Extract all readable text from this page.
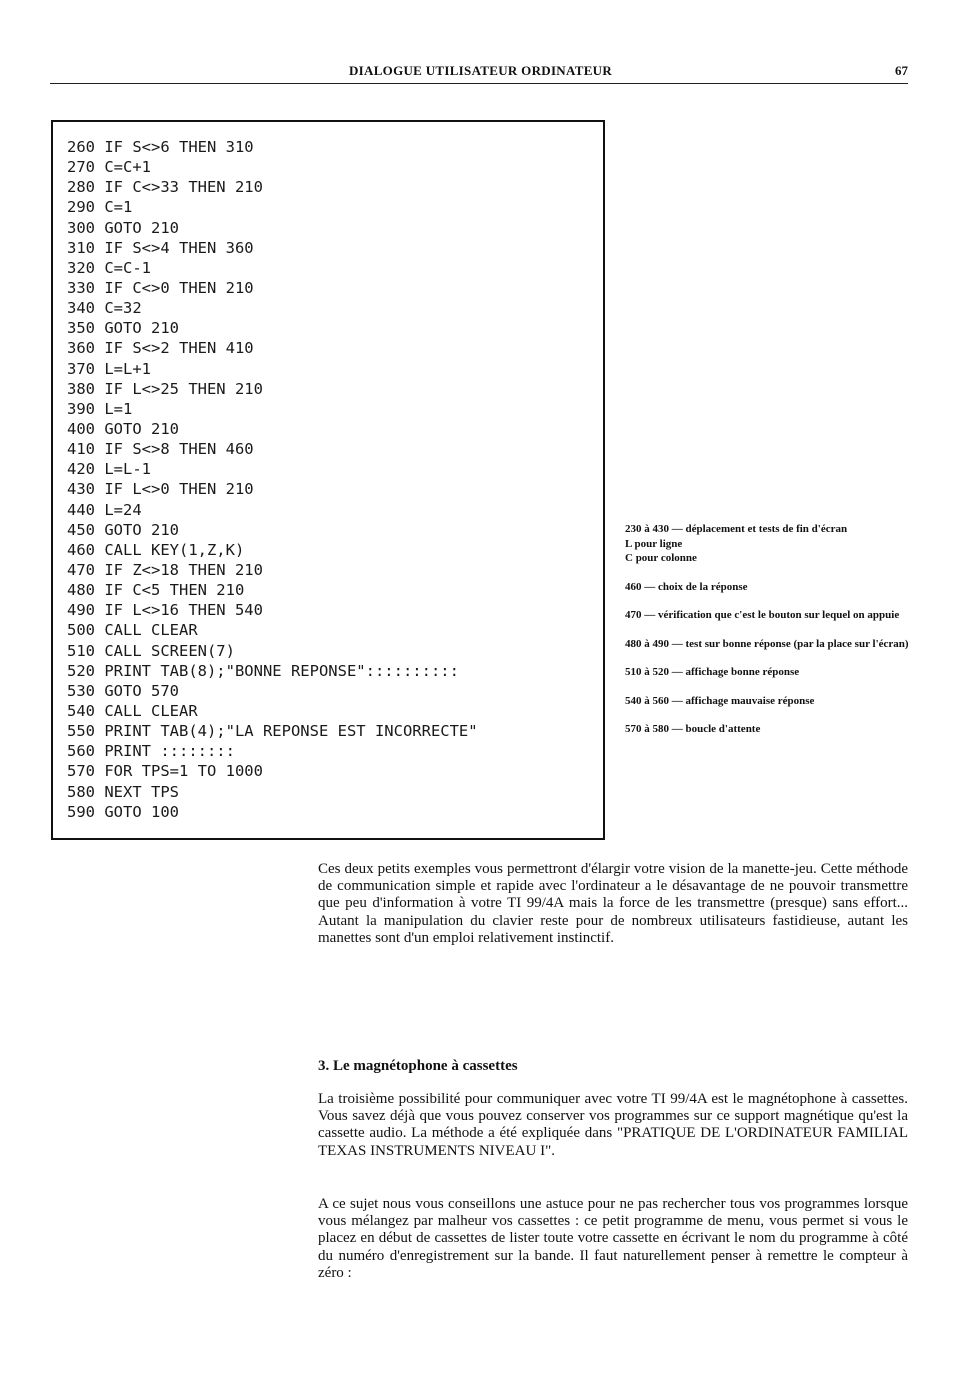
DIALOGUE UTILISATEUR ORDINATEUR	67
260 IF S<>6 THEN 310
270 C=C+1
280 IF C<>33 THEN 210
290 C=1
300 GOTO 210
310 IF S<>4 THEN 360
320 C=C-1
330 IF C<>0 THEN 210
340 C=32
350 GOTO 210
360 IF S<>2 THEN 410
370 L=L+1
380 IF L<>25 THEN 210
390 L=1
400 GOTO 210
410 IF S<>8 THEN 460
420 L=L-1
430 IF L<>0 THEN 210
440 L=24
450 GOTO 210
460 CALL KEY(1,Z,K)
470 IF Z<>18 THEN 210
480 IF C<5 THEN 210
490 IF L<>16 THEN 540
500 CALL CLEAR
510 CALL SCREEN(7)
520 PRINT TAB(8);"BONNE REPONSE"::::::::::
530 GOTO 570
540 CALL CLEAR
550 PRINT TAB(4);"LA REPONSE EST INCORRECTE"
560 PRINT ::::::::
570 FOR TPS=1 TO 1000
580 NEXT TPS
590 GOTO 100

230 à 430 — déplacement et tests de fin d'écran

L pour ligne

C pour colonne

460 — choix de la réponse

470 — vérification que c'est le bouton sur lequel on appuie

480 à 490 — test sur bonne réponse (par la place sur l'écran)

510 à 520 — affichage bonne réponse

540 à 560 — affichage mauvaise réponse

570 à 580 — boucle d'attente

Ces deux petits exemples vous permettront d'élargir votre vision de la manette-jeu. Cette méthode de communication simple et rapide avec l'ordinateur a le désavantage de ne pouvoir transmettre que peu d'information à votre TI 99/4A mais la force de les transmettre (presque) sans effort... Autant la manipulation du clavier reste pour de nombreux utilisateurs fastidieuse, autant les manettes sont d'un emploi relativement instinctif.

3. Le magnétophone à cassettes

La troisième possibilité pour communiquer avec votre TI 99/4A est le magnétophone à cassettes. Vous savez déjà que vous pouvez conserver vos programmes sur ce support magnétique qu'est la cassette audio. La méthode a été expliquée dans "PRATIQUE DE L'ORDINATEUR FAMILIAL TEXAS INSTRUMENTS NIVEAU I".

A ce sujet nous vous conseillons une astuce pour ne pas rechercher tous vos programmes lorsque vous mélangez par malheur vos cassettes : ce petit programme de menu, vous permet si vous le placez en début de cassettes de lister toute votre cassette en écrivant le nom du programme à côté du numéro d'enregistrement sur la bande. Il faut naturellement penser à remettre le compteur à zéro :
